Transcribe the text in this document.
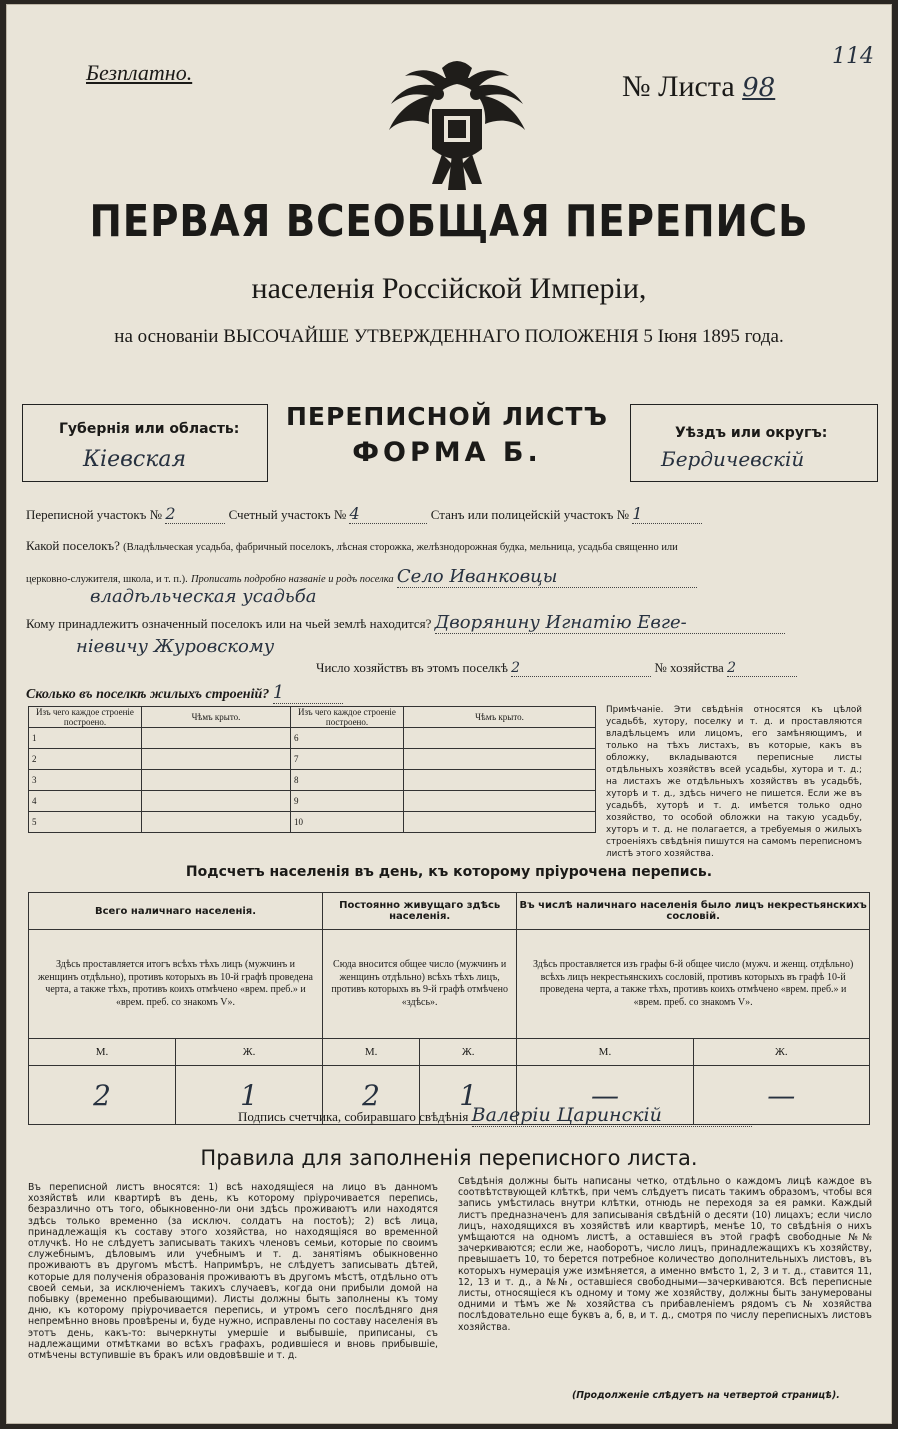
Безплатно.	№ Листа 98
114
ПЕРВАЯ ВСЕОБЩАЯ ПЕРЕПИСЬ
населенія Россійской Имперіи,
на основаніи ВЫСОЧАЙШЕ УТВЕРЖДЕННАГО ПОЛОЖЕНІЯ 5 Іюня 1895 года.
Губернія или область:
Кіевская
ПЕРЕПИСНОЙ ЛИСТЪ
ФОРМА Б.
Уѣздъ или округъ:
Бердичевскій
Переписной участокъ № 2	Счетный участокъ № 4	Станъ или полицейскій участокъ № 1
Какой поселокъ? (Владѣльческая усадьба, фабричный поселокъ, лѣсная сторожка, желѣзнодорожная будка, мельница, усадьба священно или
церковно-служителя, школа, и т. п.). Прописать подробно названіе и родъ поселка Село Иванковцы
владѣльческая усадьба
Кому принадлежитъ означенный поселокъ или на чьей землѣ находится? Дворянину Игнатію Евге-
ніевичу Журовскому
Число хозяйствъ въ этомъ поселкѣ 2	№ хозяйства 2
Сколько въ поселкѣ жилыхъ строеній? 1
Изъ чего каждое строеніе построено.	Чѣмъ крыто.	Изъ чего каждое строеніе построено.	Чѣмъ крыто.
1		6	
2		7	
3		8	
4		9	
5		10	
Примѣчаніе. Эти свѣдѣнія относятся къ цѣлой усадьбѣ, хутору, поселку и т. д. и проставляются владѣльцемъ или лицомъ, его замѣняющимъ, и только на тѣхъ листахъ, въ которые, какъ въ обложку, вкладываются переписные листы отдѣльныхъ хозяйствъ всей усадьбы, хутора и т. д.; на листахъ же отдѣльныхъ хозяйствъ въ усадьбѣ, хуторѣ и т. д., здѣсь ничего не пишется. Если же въ усадьбѣ, хуторѣ и т. д. имѣется только одно хозяйство, то особой обложки на такую усадьбу, хуторъ и т. д. не полагается, а требуемыя о жилыхъ строеніяхъ свѣдѣнія пишутся на самомъ переписномъ листѣ этого хозяйства.
Подсчетъ населенія въ день, къ которому пріурочена перепись.
Всего наличнаго населенія.		Постоянно живущаго здѣсь населенія.		Въ числѣ наличнаго населенія было лицъ некрестьянскихъ сословій.	
Здѣсь проставляется итогъ всѣхъ тѣхъ лицъ (мужчинъ и женщинъ отдѣльно), противъ которыхъ въ 10-й графѣ проведена черта, а также тѣхъ, противъ коихъ отмѣчено «врем. преб.» и «врем. преб. со знакомъ V».		Сюда вносится общее число (мужчинъ и женщинъ отдѣльно) всѣхъ тѣхъ лицъ, противъ которыхъ въ 9-й графѣ отмѣчено «здѣсь».		Здѣсь проставляется изъ графы 6-й общее число (мужч. и женщ. отдѣльно) всѣхъ лицъ некрестьянскихъ сословій, противъ которыхъ въ графѣ 10-й проведена черта, а также тѣхъ, противъ коихъ отмѣчено «врем. преб.» и «врем. преб. со знакомъ V».	
М.	Ж.	М.	Ж.	М.	Ж.
2	1	2	1	—	—
Подпись счетчика, собиравшаго свѣдѣнія Валеріи Царинскій
Правила для заполненія переписного листа.
Въ переписной листъ вносятся: 1) всѣ находящіеся на лицо въ данномъ хозяйствѣ или квартирѣ въ день, къ которому пріурочивается перепись, безразлично отъ того, обыкновенно-ли они здѣсь проживаютъ или находятся здѣсь только временно (за исключ. солдатъ на постоѣ); 2) всѣ лица, принадлежащія къ составу этого хозяйства, но находящіяся во временной отлучкѣ. Но не слѣдуетъ записывать такихъ членовъ семьи, которые по своимъ служебнымъ, дѣловымъ или учебнымъ и т. д. занятіямъ обыкновенно проживаютъ въ другомъ мѣстѣ. Напримѣръ, не слѣдуетъ записывать дѣтей, которые для полученія образованія проживаютъ въ другомъ мѣстѣ, отдѣльно отъ своей семьи, за исключеніемъ такихъ случаевъ, когда они прибыли домой на побывку (временно пребывающими). Листы должны быть заполнены къ тому дню, къ которому пріурочивается перепись, и утромъ сего послѣдняго дня непремѣнно вновь провѣрены и, буде нужно, исправлены по составу населенія въ этотъ день, какъ-то: вычеркнуты умершіе и выбывшіе, приписаны, съ надлежащими отмѣтками во всѣхъ графахъ, родившіеся и вновь прибывшіе, отмѣчены вступившіе въ бракъ или овдовѣвшіе и т. д.
Свѣдѣнія должны быть написаны четко, отдѣльно о каждомъ лицѣ каждое въ соотвѣтствующей клѣткѣ, при чемъ слѣдуетъ писать такимъ образомъ, чтобы вся запись умѣстилась внутри клѣтки, отнюдь не переходя за ея рамки. Каждый листъ предназначенъ для записыванія свѣдѣній о десяти (10) лицахъ; если число лицъ, находящихся въ хозяйствѣ или квартирѣ, менѣе 10, то свѣдѣнія о нихъ умѣщаются на одномъ листѣ, а оставшіеся въ этой графѣ свободные №№ зачеркиваются; если же, наоборотъ, число лицъ, принадлежащихъ къ хозяйству, превышаетъ 10, то берется потребное количество дополнительныхъ листовъ, въ которыхъ нумерація уже измѣняется, а именно вмѣсто 1, 2, 3 и т. д., ставится 11, 12, 13 и т. д., а №№, оставшіеся свободными—зачеркиваются. Всѣ переписные листы, относящіеся къ одному и тому же хозяйству, должны быть занумерованы одними и тѣмъ же № хозяйства съ прибавленіемъ рядомъ съ № хозяйства послѣдовательно еще буквъ а, б, в, и т. д., смотря по числу переписныхъ листовъ хозяйства.
(Продолженіе слѣдуетъ на четвертой страницѣ).
